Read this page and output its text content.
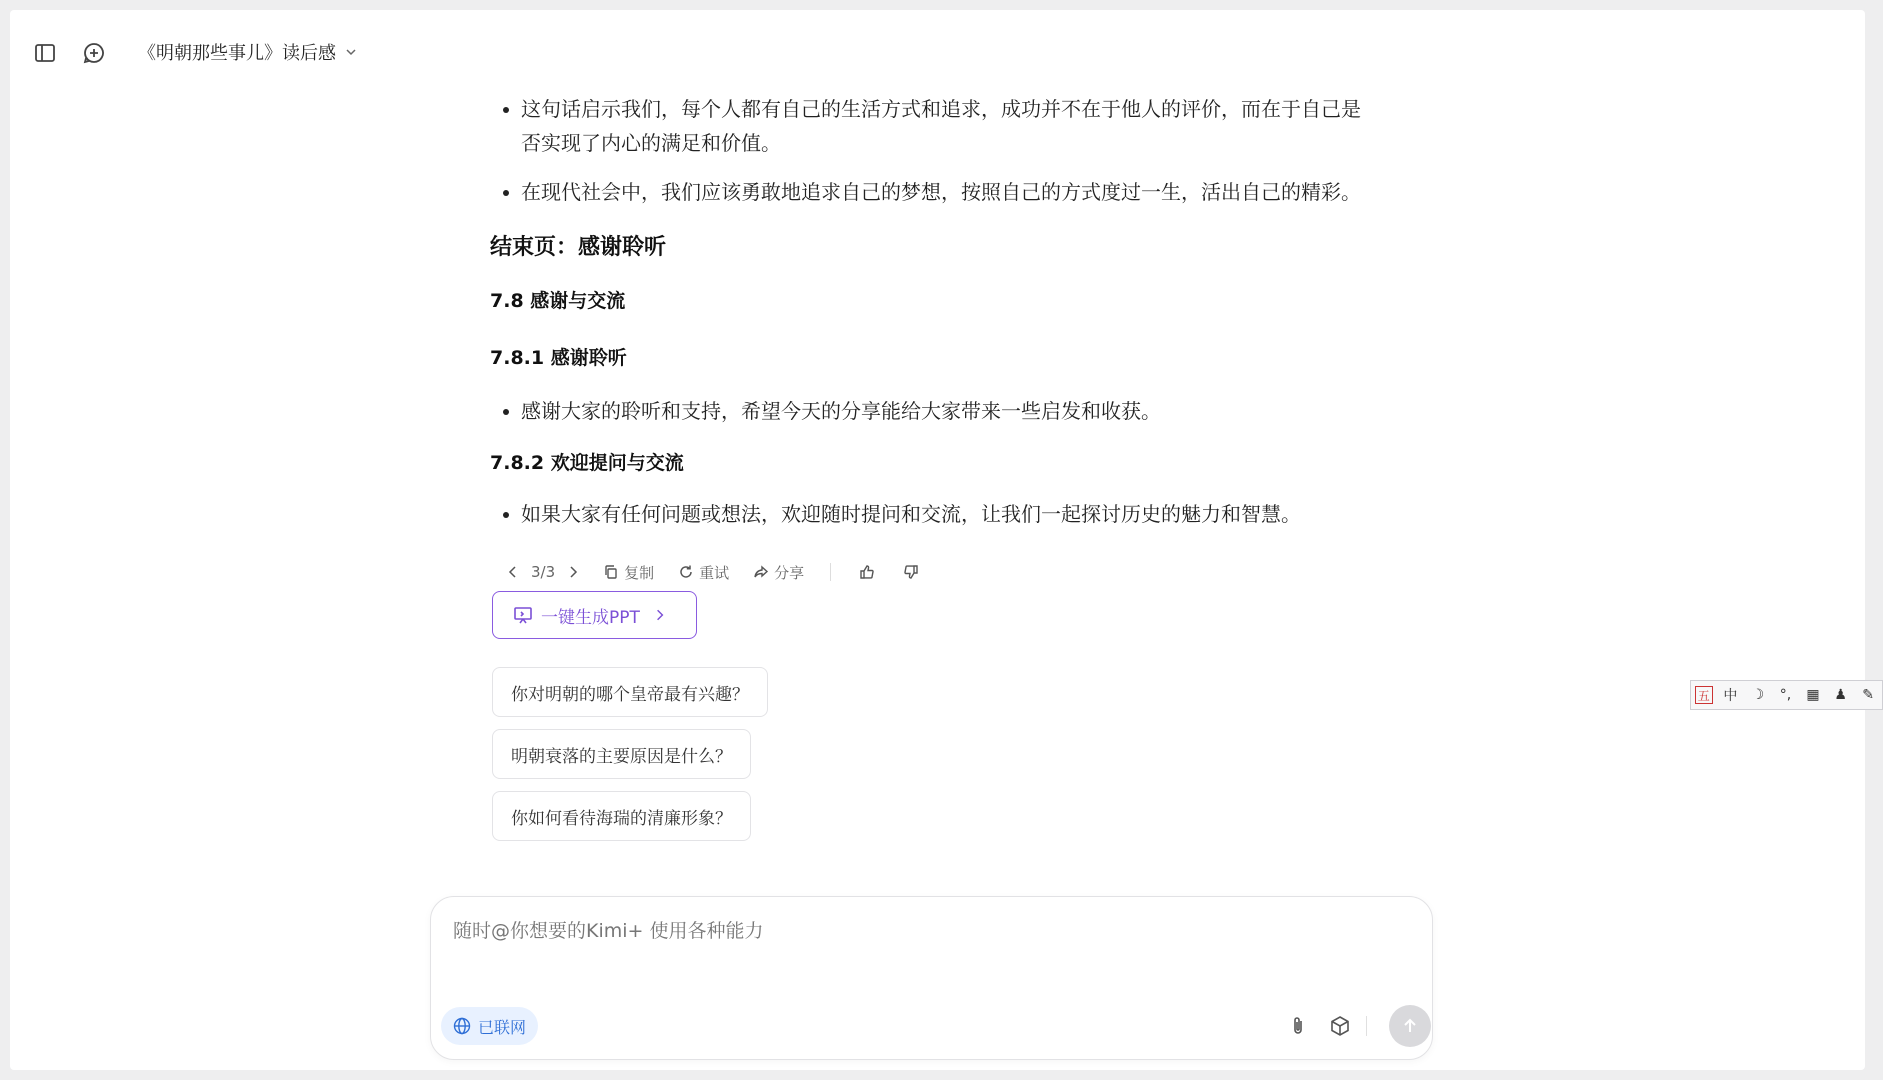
《明朝那些事儿》读后感
这句话启示我们，每个人都有自己的生活方式和追求，成功并不在于他人的评价，而在于自己是
否实现了内心的满足和价值。
在现代社会中，我们应该勇敢地追求自己的梦想，按照自己的方式度过一生，活出自己的精彩。
结束页：感谢聆听
7.8 感谢与交流
7.8.1 感谢聆听
感谢大家的聆听和支持，希望今天的分享能给大家带来一些启发和收获。
7.8.2 欢迎提问与交流
如果大家有任何问题或想法，欢迎随时提问和交流，让我们一起探讨历史的魅力和智慧。
3/3	复制	重试	分享
一键生成PPT
你对明朝的哪个皇帝最有兴趣？
明朝衰落的主要原因是什么？
你如何看待海瑞的清廉形象？
随时@你想要的Kimi+ 使用各种能力
已联网
五 中 ☽	°,	▦ ♟ ✎
